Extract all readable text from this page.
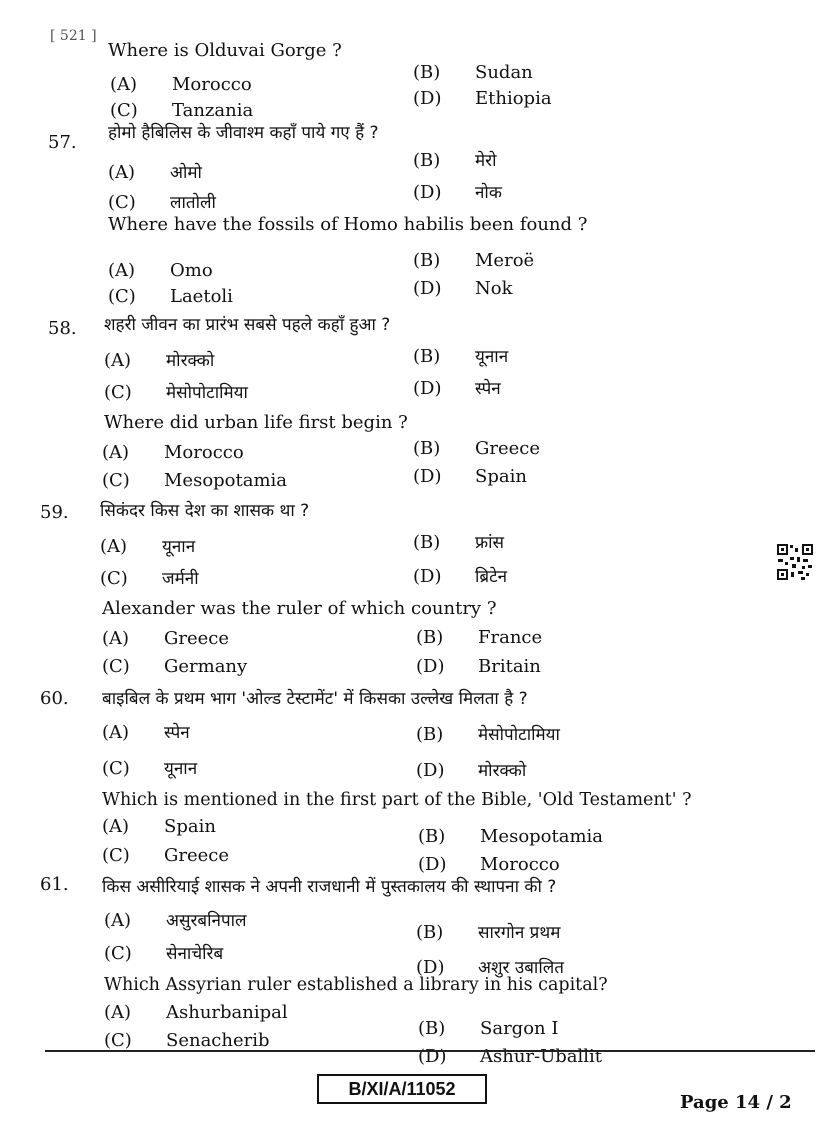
[ 521 ]
Where is Olduvai Gorge ?
(A) Morocco
(B) Sudan
(C) Tanzania
(D) Ethiopia
57. होमो हैबिलिस के जीवाश्म कहाँ पाये गए हैं ?
(A) ओमो
(B) मेरो
(C) लातोली	(D) नोक
Where have the fossils of Homo habilis been found ?
(A) Omo	(B) Meroë
(C) Laetoli	(D) Nok
58. शहरी जीवन का प्रारंभ सबसे पहले कहाँ हुआ ?
(A) मोरक्को	(B) यूनान
(C) मेसोपोटामिया	(D) स्पेन
Where did urban life first begin ?
(A) Morocco	(B) Greece
(C) Mesopotamia	(D) Spain
59. सिकंदर किस देश का शासक था ?
(A) यूनान	(B) फ्रांस
(C) जर्मनी	(D) ब्रिटेन
Alexander was the ruler of which country ?
(A) Greece	(B) France
(C) Germany	(D) Britain
60. बाइबिल के प्रथम भाग 'ओल्ड टेस्टामेंट' में किसका उल्लेख मिलता है ?
(A) स्पेन	(B) मेसोपोटामिया
(C) यूनान	(D) मोरक्को
Which is mentioned in the first part of the Bible, 'Old Testament' ?
(A) Spain	(B) Mesopotamia
(C) Greece	(D) Morocco
61. किस असीरियाई शासक ने अपनी राजधानी में पुस्तकालय की स्थापना की ?
(A) असुरबनिपाल
(B) सारगोन प्रथम
(C) सेनाचेरिब
(D) अशुर उबालित
Which Assyrian ruler established a library in his capital?
(A) Ashurbanipal
(B) Sargon I
(C) Senacherib
(D) Ashur-Uballit
B/XI/A/11052
Page 14 / 2
